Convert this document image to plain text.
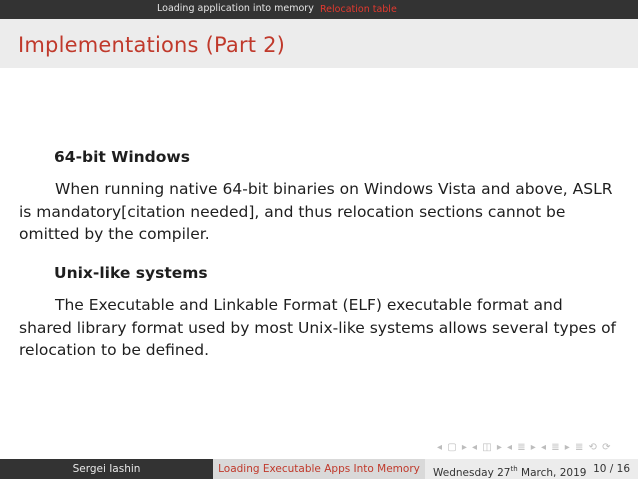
Loading application into memory Relocation table
Implementations (Part 2)
64-bit Windows

When running native 64-bit binaries on Windows Vista and above, ASLR is mandatory[citation needed], and thus relocation sections cannot be omitted by the compiler.

Unix-like systems

The Executable and Linkable Format (ELF) executable format and shared library format used by most Unix-like systems allows several types of relocation to be defined.

◂ ▢ ▸ ◂ ◫ ▸ ◂ ≣ ▸ ◂ ≣ ▸ ≣ ⟲ ⟳
Sergei Iashin	Loading Executable Apps Into Memory	Wednesday 27th March, 2019 10 / 16
